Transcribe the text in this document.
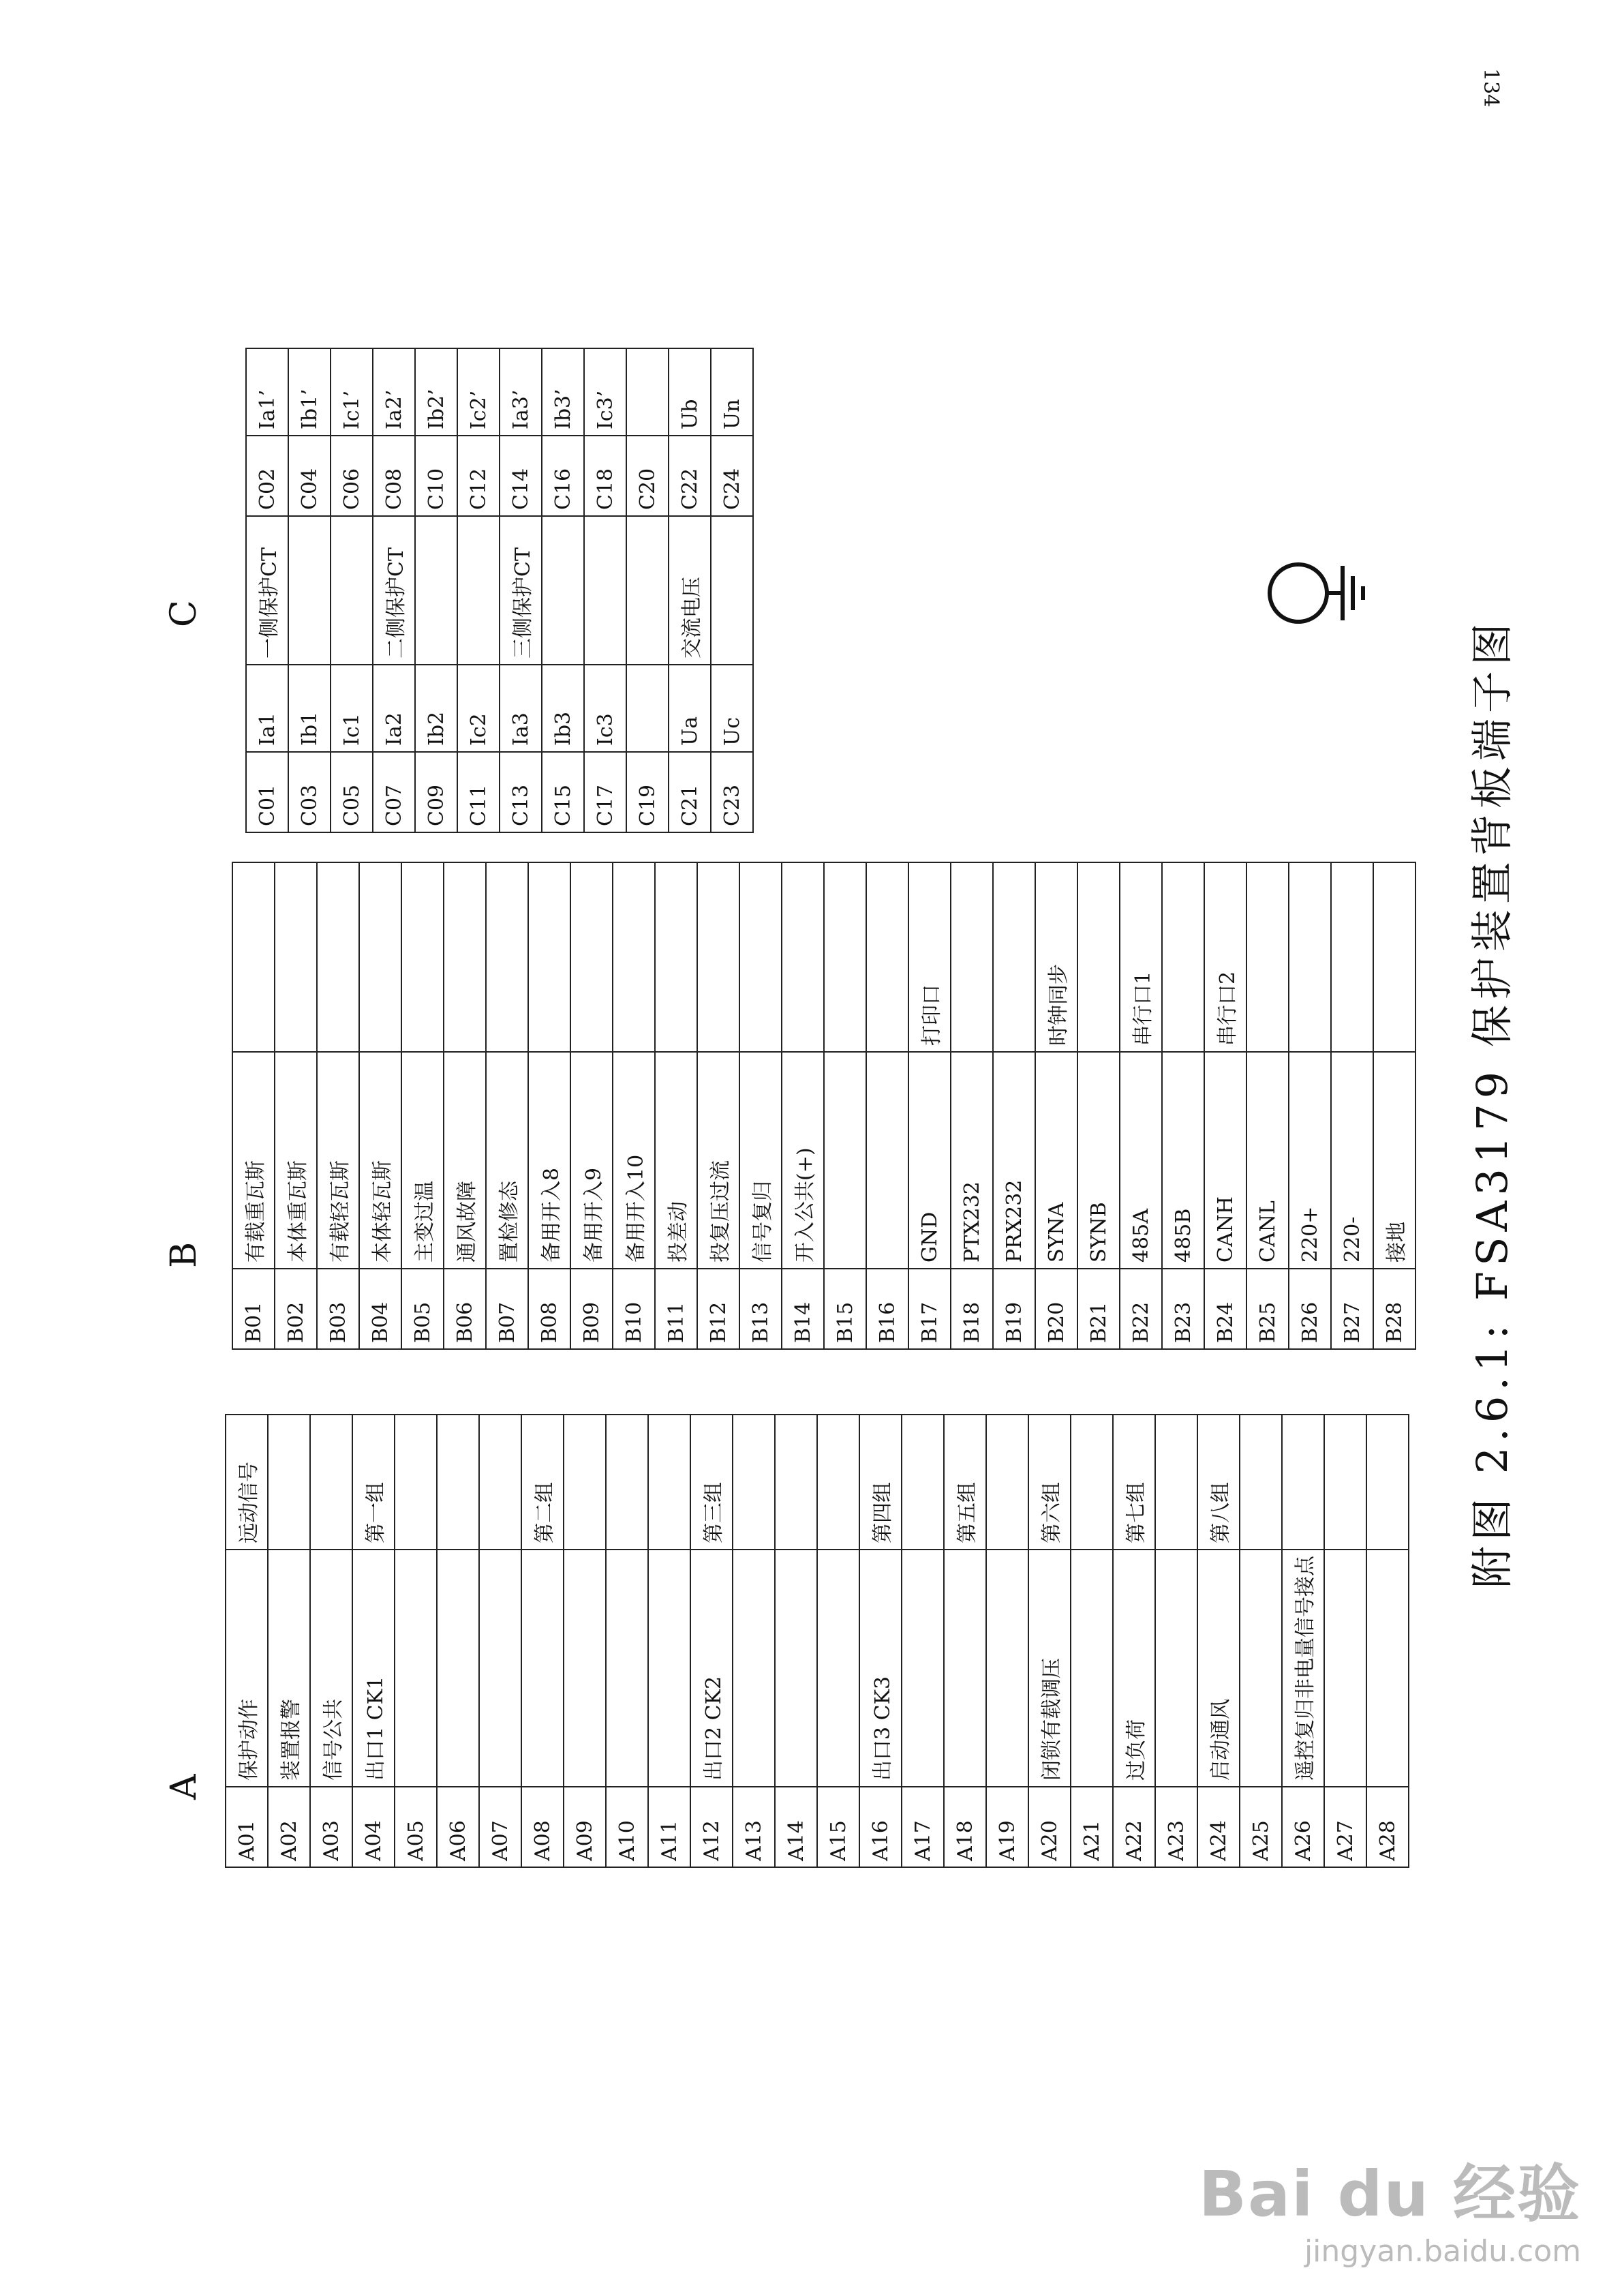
134
A
B
C
A01	保护动作	远动信号
A02	装置报警	
A03	信号公共	
A04	出口1 CK1	第一组
A05		
A06		
A07		
A08		第二组
A09		
A10		
A11		
A12	出口2 CK2	第三组
A13		
A14		
A15		
A16	出口3 CK3	第四组
A17		
A18		第五组
A19		
A20	闭锁有载调压	第六组
A21		
A22	过负荷	第七组
A23		
A24	启动通风	第八组
A25		
A26	遥控复归非电量信号接点	
A27		
A28		
B01	有载重瓦斯	
B02	本体重瓦斯	
B03	有载轻瓦斯	
B04	本体轻瓦斯	
B05	主变过温	
B06	通风故障	
B07	置检修态	
B08	备用开入8	
B09	备用开入9	
B10	备用开入10	
B11	投差动	
B12	投复压过流	
B13	信号复归	
B14	开入公共(+)	
B15		
B16		
B17	GND	打印口
B18	PTX232	
B19	PRX232	
B20	SYNA	时钟同步
B21	SYNB	
B22	485A	串行口1
B23	485B	
B24	CANH	串行口2
B25	CANL	
B26	220+	
B27	220-	
B28	接地	
C01	Ia1	一侧保护CT	C02	Ia1’
C03	Ib1		C04	Ib1’
C05	Ic1		C06	Ic1’
C07	Ia2	二侧保护CT	C08	Ia2’
C09	Ib2		C10	Ib2’
C11	Ic2		C12	Ic2’
C13	Ia3	三侧保护CT	C14	Ia3’
C15	Ib3		C16	Ib3’
C17	Ic3		C18	Ic3’
C19			C20	
C21	Ua	交流电压	C22	Ub
C23	Uc		C24	Un
附图 2.6.1: FSA3179 保护装置背板端子图
Bai du 经验
jingyan.baidu.com
